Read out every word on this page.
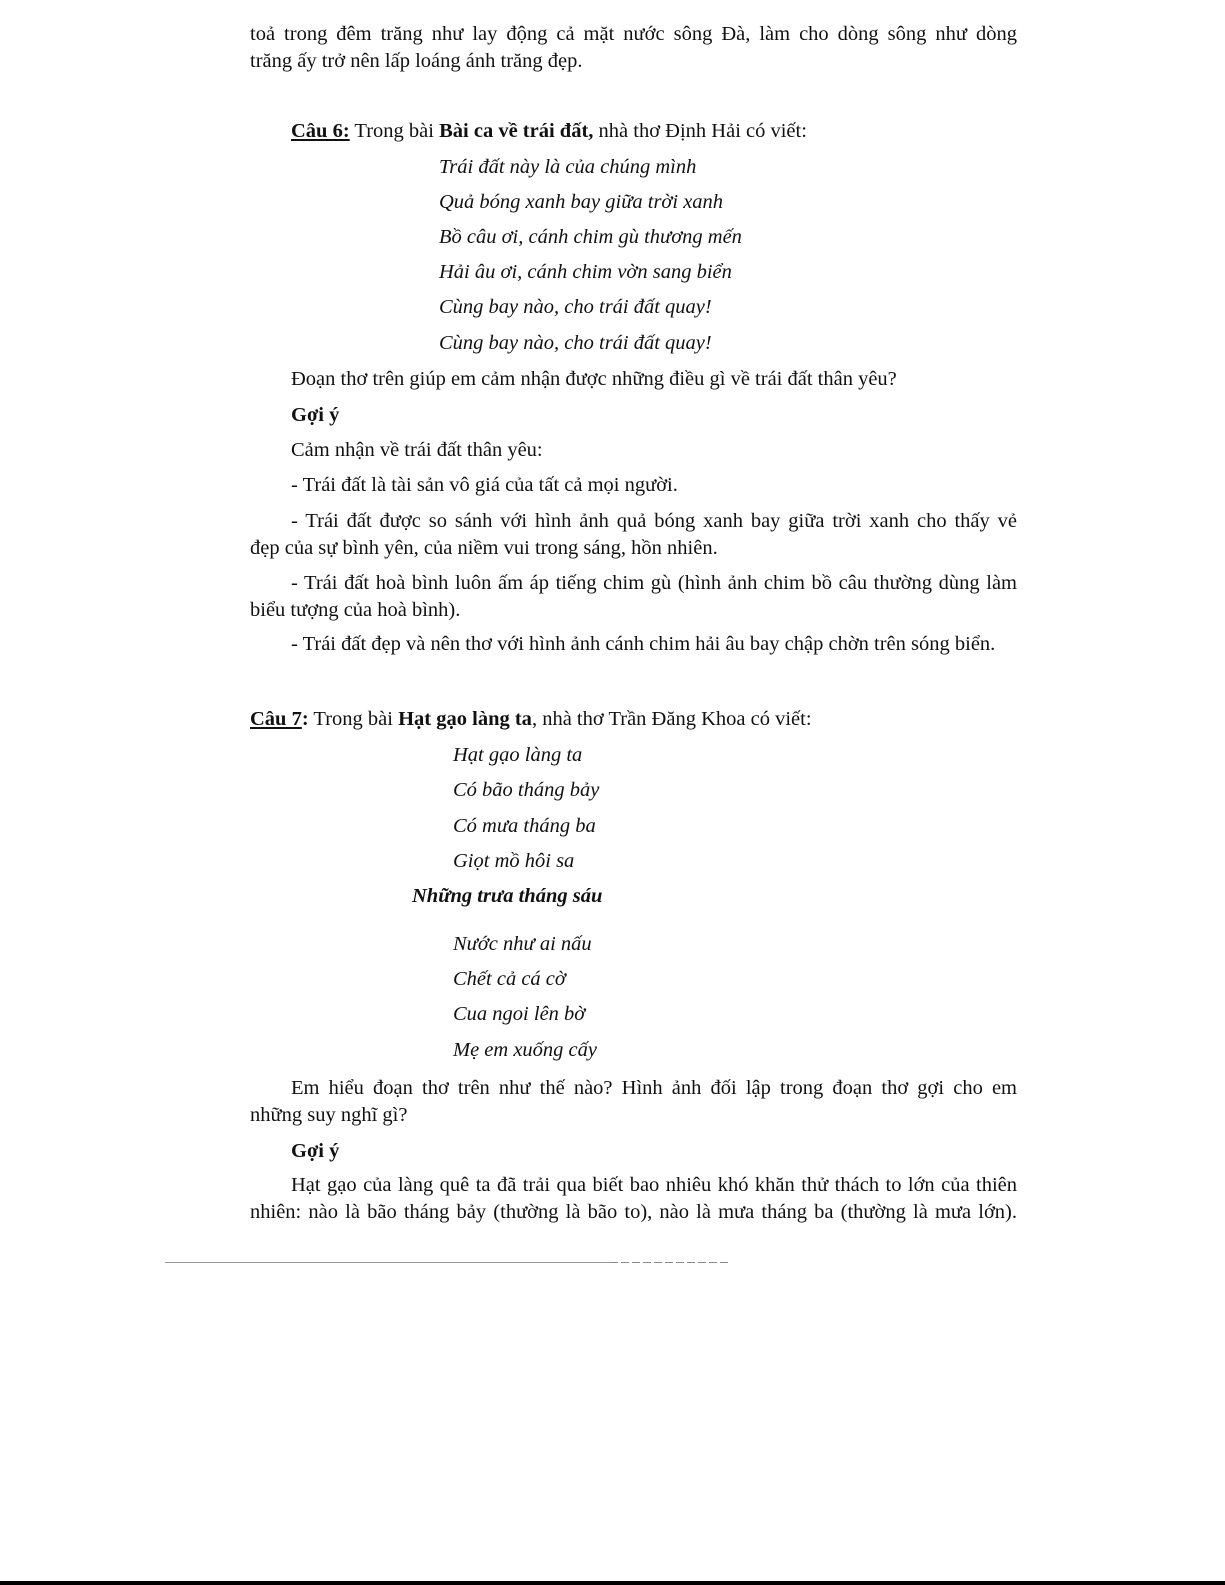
toả trong đêm trăng như lay động cả mặt nước sông Đà, làm cho dòng sông như dòng
trăng ấy trở nên lấp loáng ánh trăng đẹp.
Câu 6: Trong bài Bài ca về trái đất, nhà thơ Định Hải có viết:
Trái đất này là của chúng mình
Quả bóng xanh bay giữa trời xanh
Bồ câu ơi, cánh chim gù thương mến
Hải âu ơi, cánh chim vờn sang biển
Cùng bay nào, cho trái đất quay!
Cùng bay nào, cho trái đất quay!
Đoạn thơ trên giúp em cảm nhận được những điều gì về trái đất thân yêu?
Gợi ý
Cảm nhận về trái đất thân yêu:
- Trái đất là tài sản vô giá của tất cả mọi người.
- Trái đất được so sánh với hình ảnh quả bóng xanh bay giữa trời xanh cho thấy vẻ
đẹp của sự bình yên, của niềm vui trong sáng, hồn nhiên.
- Trái đất hoà bình luôn ấm áp tiếng chim gù (hình ảnh chim bồ câu thường dùng làm
biểu tượng của hoà bình).
- Trái đất đẹp và nên thơ với hình ảnh cánh chim hải âu bay chập chờn trên sóng biển.
Câu 7: Trong bài Hạt gạo làng ta, nhà thơ Trần Đăng Khoa có viết:
Hạt gạo làng ta
Có bão tháng bảy
Có mưa tháng ba
Giọt mồ hôi sa
Những trưa tháng sáu
Nước như ai nấu
Chết cả cá cờ
Cua ngoi lên bờ
Mẹ em xuống cấy
Em hiểu đoạn thơ trên như thế nào? Hình ảnh đối lập trong đoạn thơ gợi cho em
những suy nghĩ gì?
Gợi ý
Hạt gạo của làng quê ta đã trải qua biết bao nhiêu khó khăn thử thách to lớn của thiên
nhiên: nào là bão tháng bảy (thường là bão to), nào là mưa tháng ba (thường là mưa lớn).
